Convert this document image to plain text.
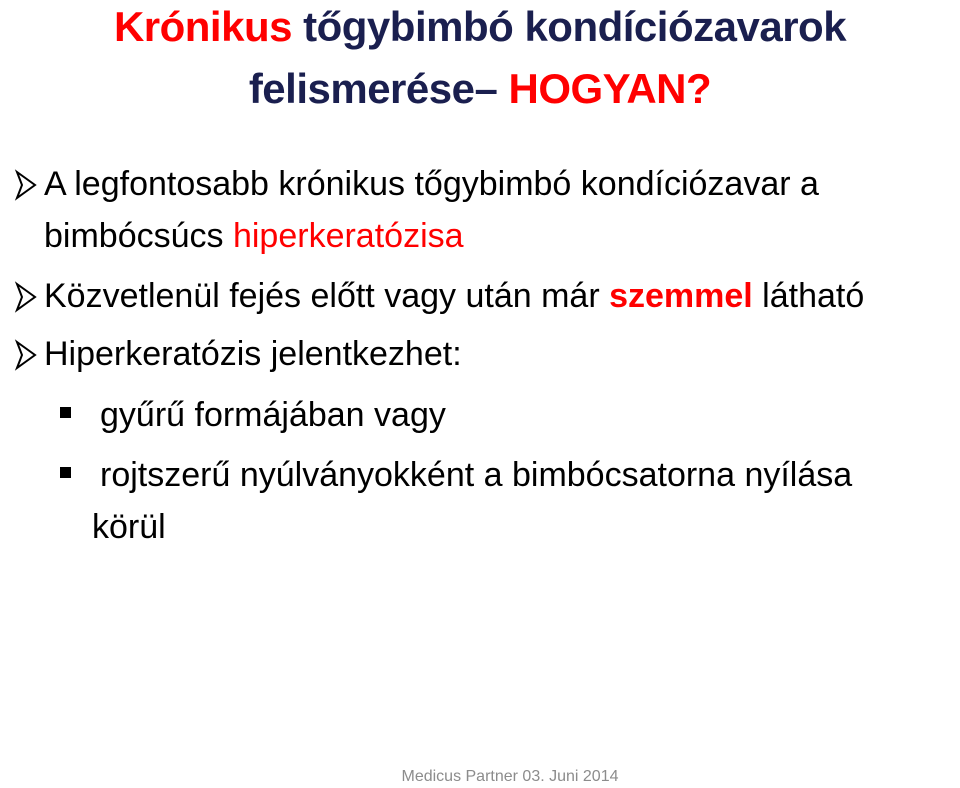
Krónikus tőgybimbó kondíciózavarok
felismerése– HOGYAN?
A legfontosabb krónikus tőgybimbó kondíciózavar a
bimbócsúcs hiperkeratózisa
Közvetlenül fejés előtt vagy után már szemmel látható
Hiperkeratózis jelentkezhet:
gyűrű formájában vagy
rojtszerű nyúlványokként a bimbócsatorna nyílása
körül
Medicus Partner 03. Juni 2014
